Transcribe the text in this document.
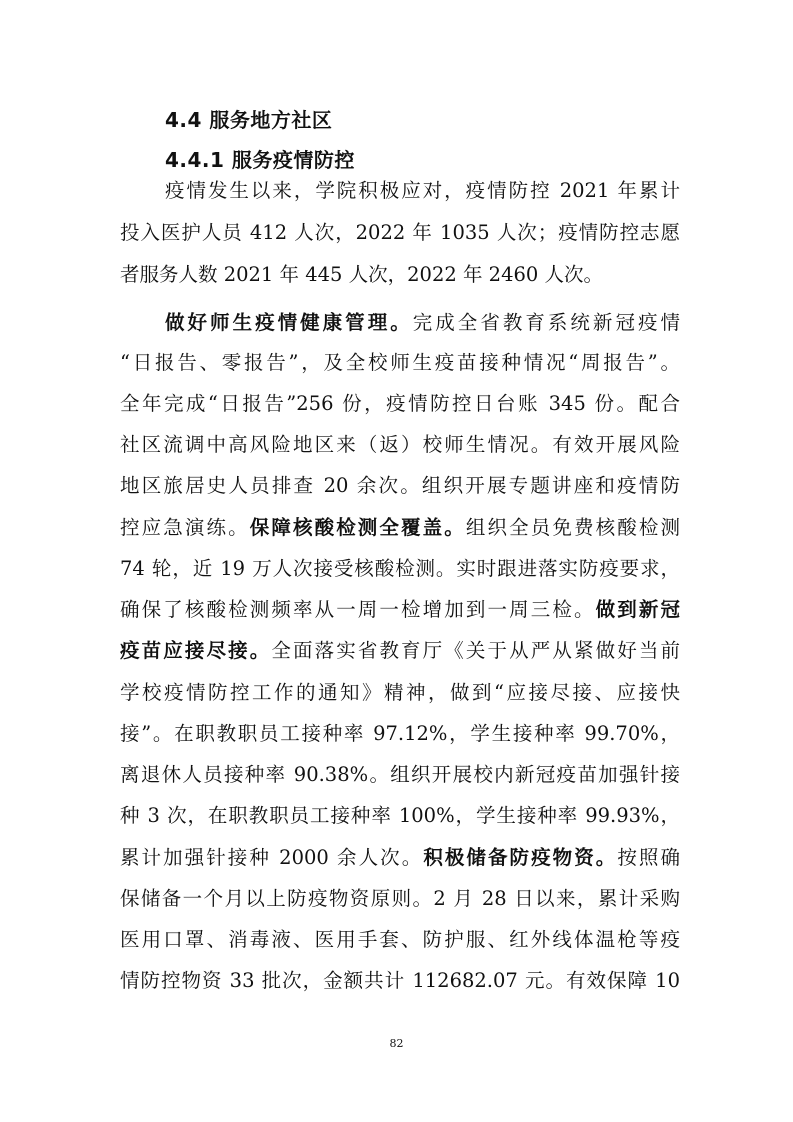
4.4 服务地方社区
4.4.1 服务疫情防控
疫情发生以来，学院积极应对，疫情防控 2021 年累计
投入医护人员 412 人次，2022 年 1035 人次；疫情防控志愿
者服务人数 2021 年 445 人次，2022 年 2460 人次。
做好师生疫情健康管理。完成全省教育系统新冠疫情
“日报告、零报告”，及全校师生疫苗接种情况“周报告”。
全年完成“日报告”256 份，疫情防控日台账 345 份。配合
社区流调中高风险地区来（返）校师生情况。有效开展风险
地区旅居史人员排查 20 余次。组织开展专题讲座和疫情防
控应急演练。保障核酸检测全覆盖。组织全员免费核酸检测
74 轮，近 19 万人次接受核酸检测。实时跟进落实防疫要求，
确保了核酸检测频率从一周一检增加到一周三检。做到新冠
疫苗应接尽接。全面落实省教育厅《关于从严从紧做好当前
学校疫情防控工作的通知》精神，做到“应接尽接、应接快
接”。在职教职员工接种率 97.12%，学生接种率 99.70%，
离退休人员接种率 90.38%。组织开展校内新冠疫苗加强针接
种 3 次，在职教职员工接种率 100%，学生接种率 99.93%，
累计加强针接种 2000 余人次。积极储备防疫物资。按照确
保储备一个月以上防疫物资原则。2 月 28 日以来，累计采购
医用口罩、消毒液、医用手套、防护服、红外线体温枪等疫
情防控物资 33 批次，金额共计 112682.07 元。有效保障 10
82
